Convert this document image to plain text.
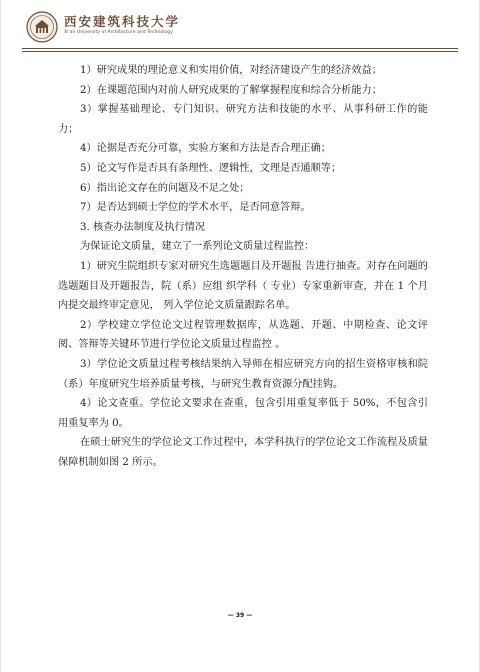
西安建筑科技大学
Xi'an University of Architecture and Technology

1）研究成果的理论意义和实用价值，对经济建设产生的经济效益；

2）在课题范围内对前人研究成果的了解掌握程度和综合分析能力；

3）掌握基础理论、专门知识、研究方法和技能的水平、从事科研工作的能力；

4）论据是否充分可靠，实验方案和方法是否合理正确；

5）论文写作是否具有条理性、逻辑性，文理是否通顺等；

6）指出论文存在的问题及不足之处；

7）是否达到硕士学位的学术水平，是否同意答辩。

3. 核查办法制度及执行情况

为保证论文质量，建立了一系列论文质量过程监控：

1）研究生院组织专家对研究生选题题目及开题报 告进行抽查。对存在问题的选题题目及开题报告，院（系）应组 织学科（ 专业）专家重新审查，并在 1 个月内提交最终审定意见， 列入学位论文质量跟踪名单。

2）学校建立学位论文过程管理数据库，从选题、开题、中期检查、论文评阅、答辩等关键环节进行学位论文质量过程监控 。

3）学位论文质量过程考核结果纳入导师在相应研究方向的招生资格审核和院（系）年度研究生培养质量考核，与研究生教育资源分配挂钩。

4）论文查重。学位论文要求在查重，包含引用重复率低于 50%，不包含引用重复率为 0。

在硕士研究生的学位论文工作过程中，本学科执行的学位论文工作流程及质量保障机制如图 2 所示。

— 39 —
